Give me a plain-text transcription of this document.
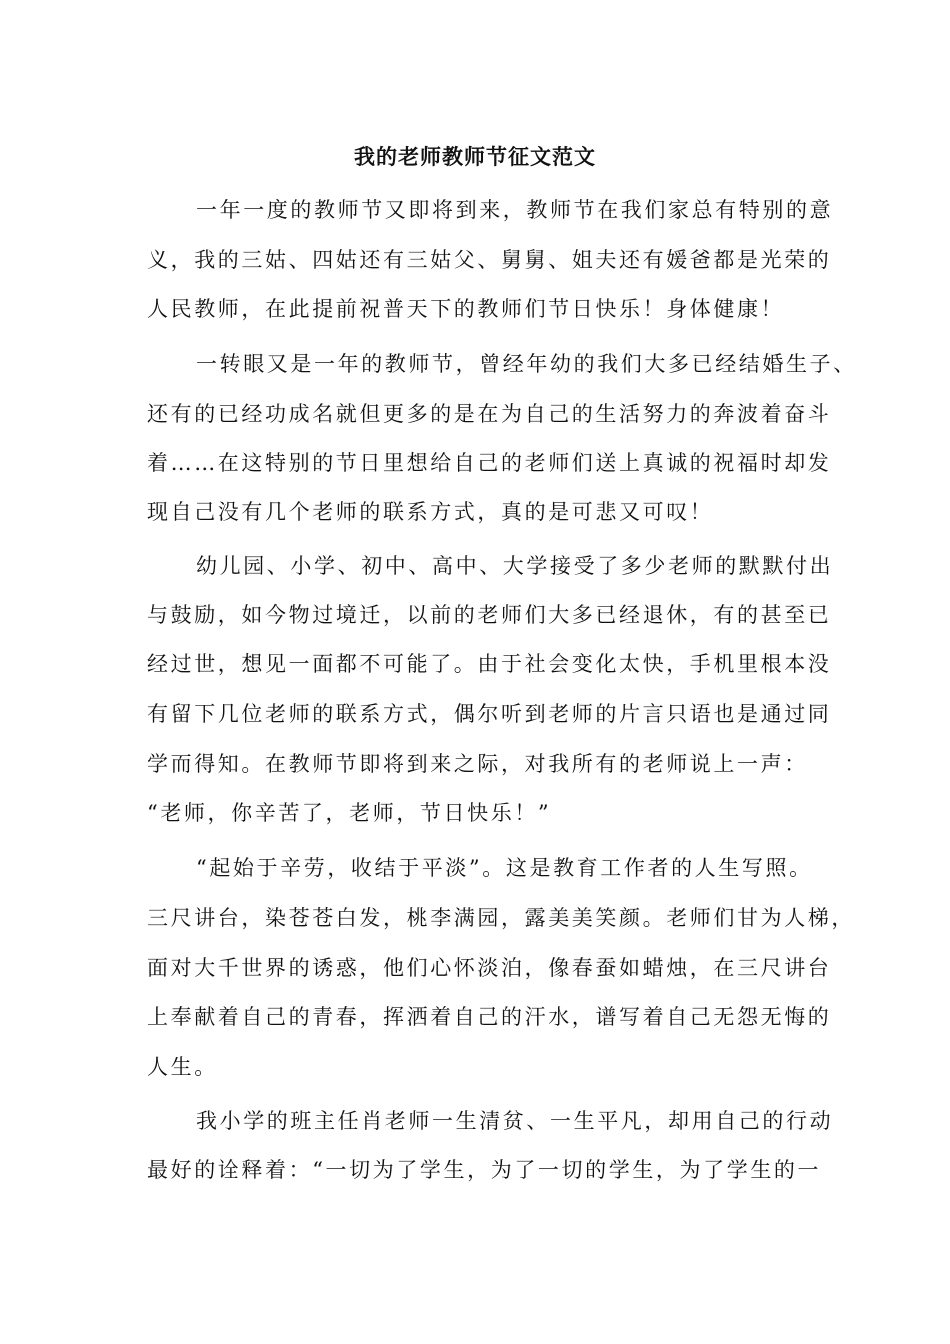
我的老师教师节征文范文
一年一度的教师节又即将到来，教师节在我们家总有特别的意
义，我的三姑、四姑还有三姑父、舅舅、姐夫还有媛爸都是光荣的
人民教师，在此提前祝普天下的教师们节日快乐！身体健康！
一转眼又是一年的教师节，曾经年幼的我们大多已经结婚生子、
还有的已经功成名就但更多的是在为自己的生活努力的奔波着奋斗
着……在这特别的节日里想给自己的老师们送上真诚的祝福时却发
现自己没有几个老师的联系方式，真的是可悲又可叹！
幼儿园、小学、初中、高中、大学接受了多少老师的默默付出
与鼓励，如今物过境迁，以前的老师们大多已经退休，有的甚至已
经过世，想见一面都不可能了。由于社会变化太快，手机里根本没
有留下几位老师的联系方式，偶尔听到老师的片言只语也是通过同
学而得知。在教师节即将到来之际，对我所有的老师说上一声：
“老师，你辛苦了，老师，节日快乐！”
“起始于辛劳，收结于平淡”。这是教育工作者的人生写照。
三尺讲台，染苍苍白发，桃李满园，露美美笑颜。老师们甘为人梯，
面对大千世界的诱惑，他们心怀淡泊，像春蚕如蜡烛，在三尺讲台
上奉献着自己的青春，挥洒着自己的汗水，谱写着自己无怨无悔的
人生。
我小学的班主任肖老师一生清贫、一生平凡，却用自己的行动
最好的诠释着：“一切为了学生，为了一切的学生，为了学生的一
